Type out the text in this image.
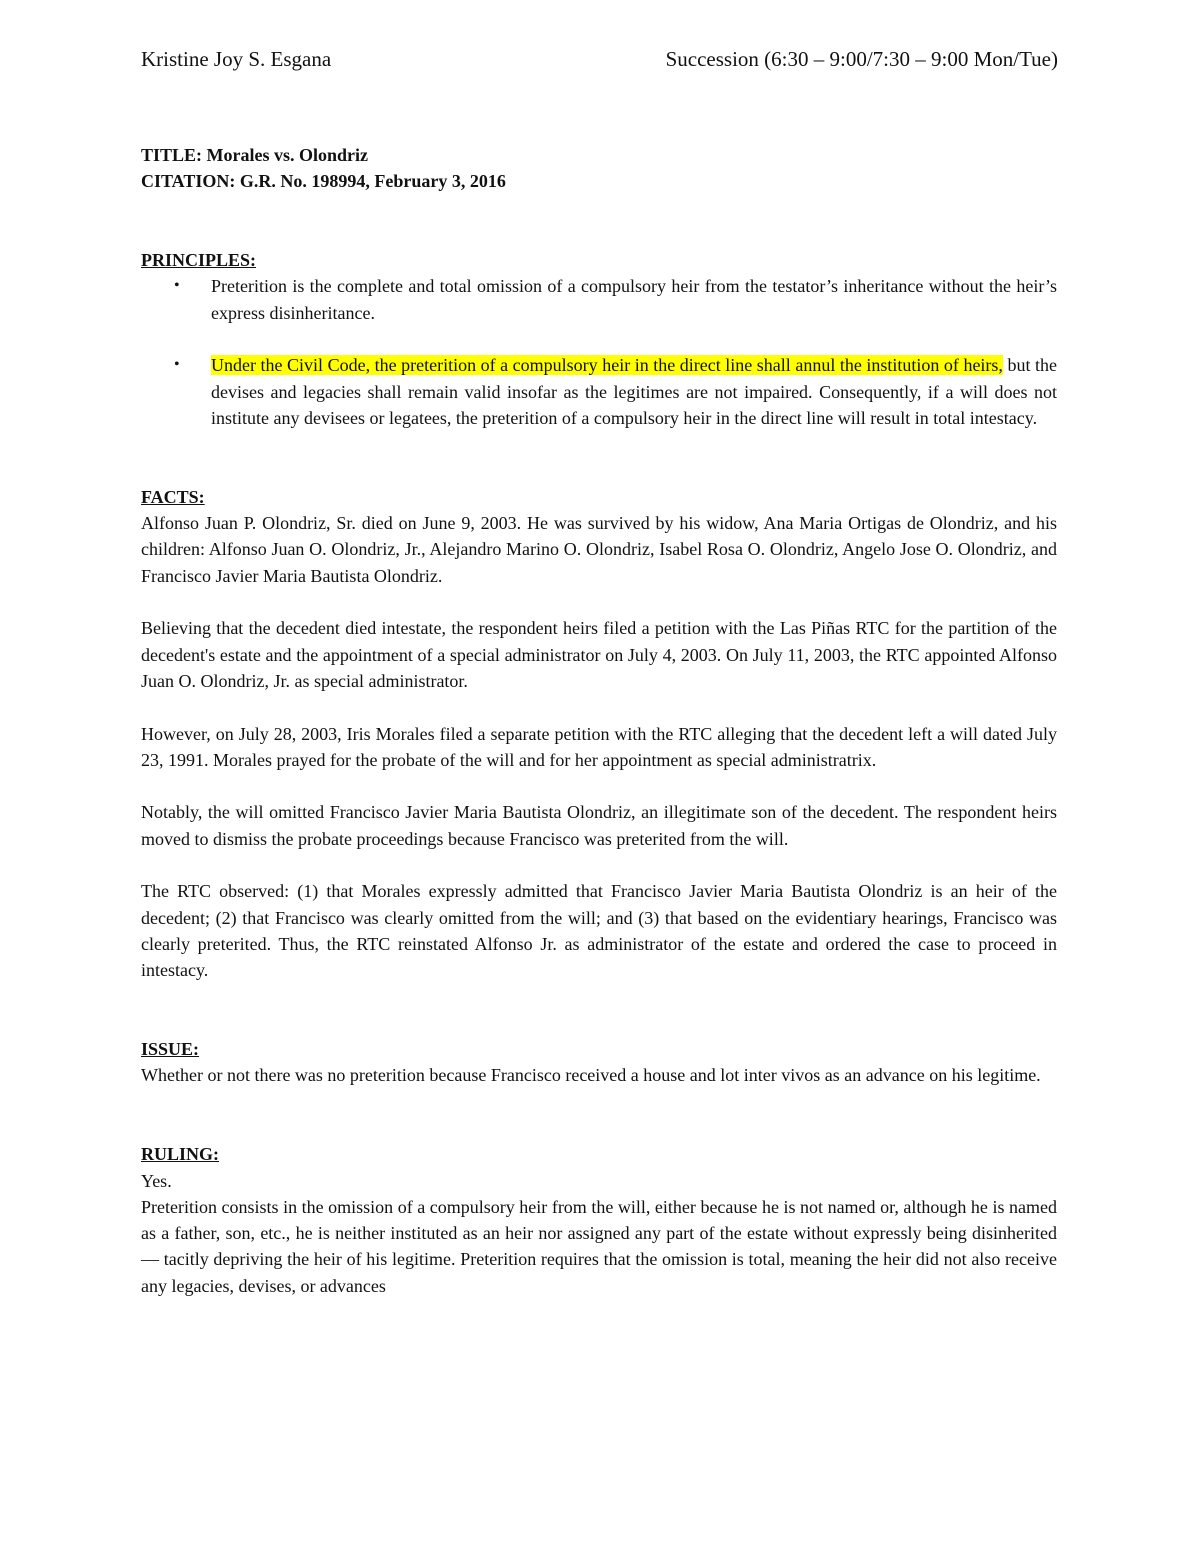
Kristine Joy S. Esgana	Succession (6:30 – 9:00/7:30 – 9:00 Mon/Tue)

TITLE: Morales vs. Olondriz

CITATION: G.R. No. 198994, February 3, 2016

PRINCIPLES:

• Preterition is the complete and total omission of a compulsory heir from the testator’s inheritance without the heir’s express disinheritance.
• Under the Civil Code, the preterition of a compulsory heir in the direct line shall annul the institution of heirs, but the devises and legacies shall remain valid insofar as the legitimes are not impaired. Consequently, if a will does not institute any devisees or legatees, the preterition of a compulsory heir in the direct line will result in total intestacy.

FACTS:

Alfonso Juan P. Olondriz, Sr. died on June 9, 2003. He was survived by his widow, Ana Maria Ortigas de Olondriz, and his children: Alfonso Juan O. Olondriz, Jr., Alejandro Marino O. Olondriz, Isabel Rosa O. Olondriz, Angelo Jose O. Olondriz, and Francisco Javier Maria Bautista Olondriz.

Believing that the decedent died intestate, the respondent heirs filed a petition with the Las Piñas RTC for the partition of the decedent's estate and the appointment of a special administrator on July 4, 2003. On July 11, 2003, the RTC appointed Alfonso Juan O. Olondriz, Jr. as special administrator.

However, on July 28, 2003, Iris Morales filed a separate petition with the RTC alleging that the decedent left a will dated July 23, 1991. Morales prayed for the probate of the will and for her appointment as special administratrix.

Notably, the will omitted Francisco Javier Maria Bautista Olondriz, an illegitimate son of the decedent. The respondent heirs moved to dismiss the probate proceedings because Francisco was preterited from the will.

The RTC observed: (1) that Morales expressly admitted that Francisco Javier Maria Bautista Olondriz is an heir of the decedent; (2) that Francisco was clearly omitted from the will; and (3) that based on the evidentiary hearings, Francisco was clearly preterited. Thus, the RTC reinstated Alfonso Jr. as administrator of the estate and ordered the case to proceed in intestacy.

ISSUE:

Whether or not there was no preterition because Francisco received a house and lot inter vivos as an advance on his legitime.

RULING:

Yes.

Preterition consists in the omission of a compulsory heir from the will, either because he is not named or, although he is named as a father, son, etc., he is neither instituted as an heir nor assigned any part of the estate without expressly being disinherited — tacitly depriving the heir of his legitime. Preterition requires that the omission is total, meaning the heir did not also receive any legacies, devises, or advances
